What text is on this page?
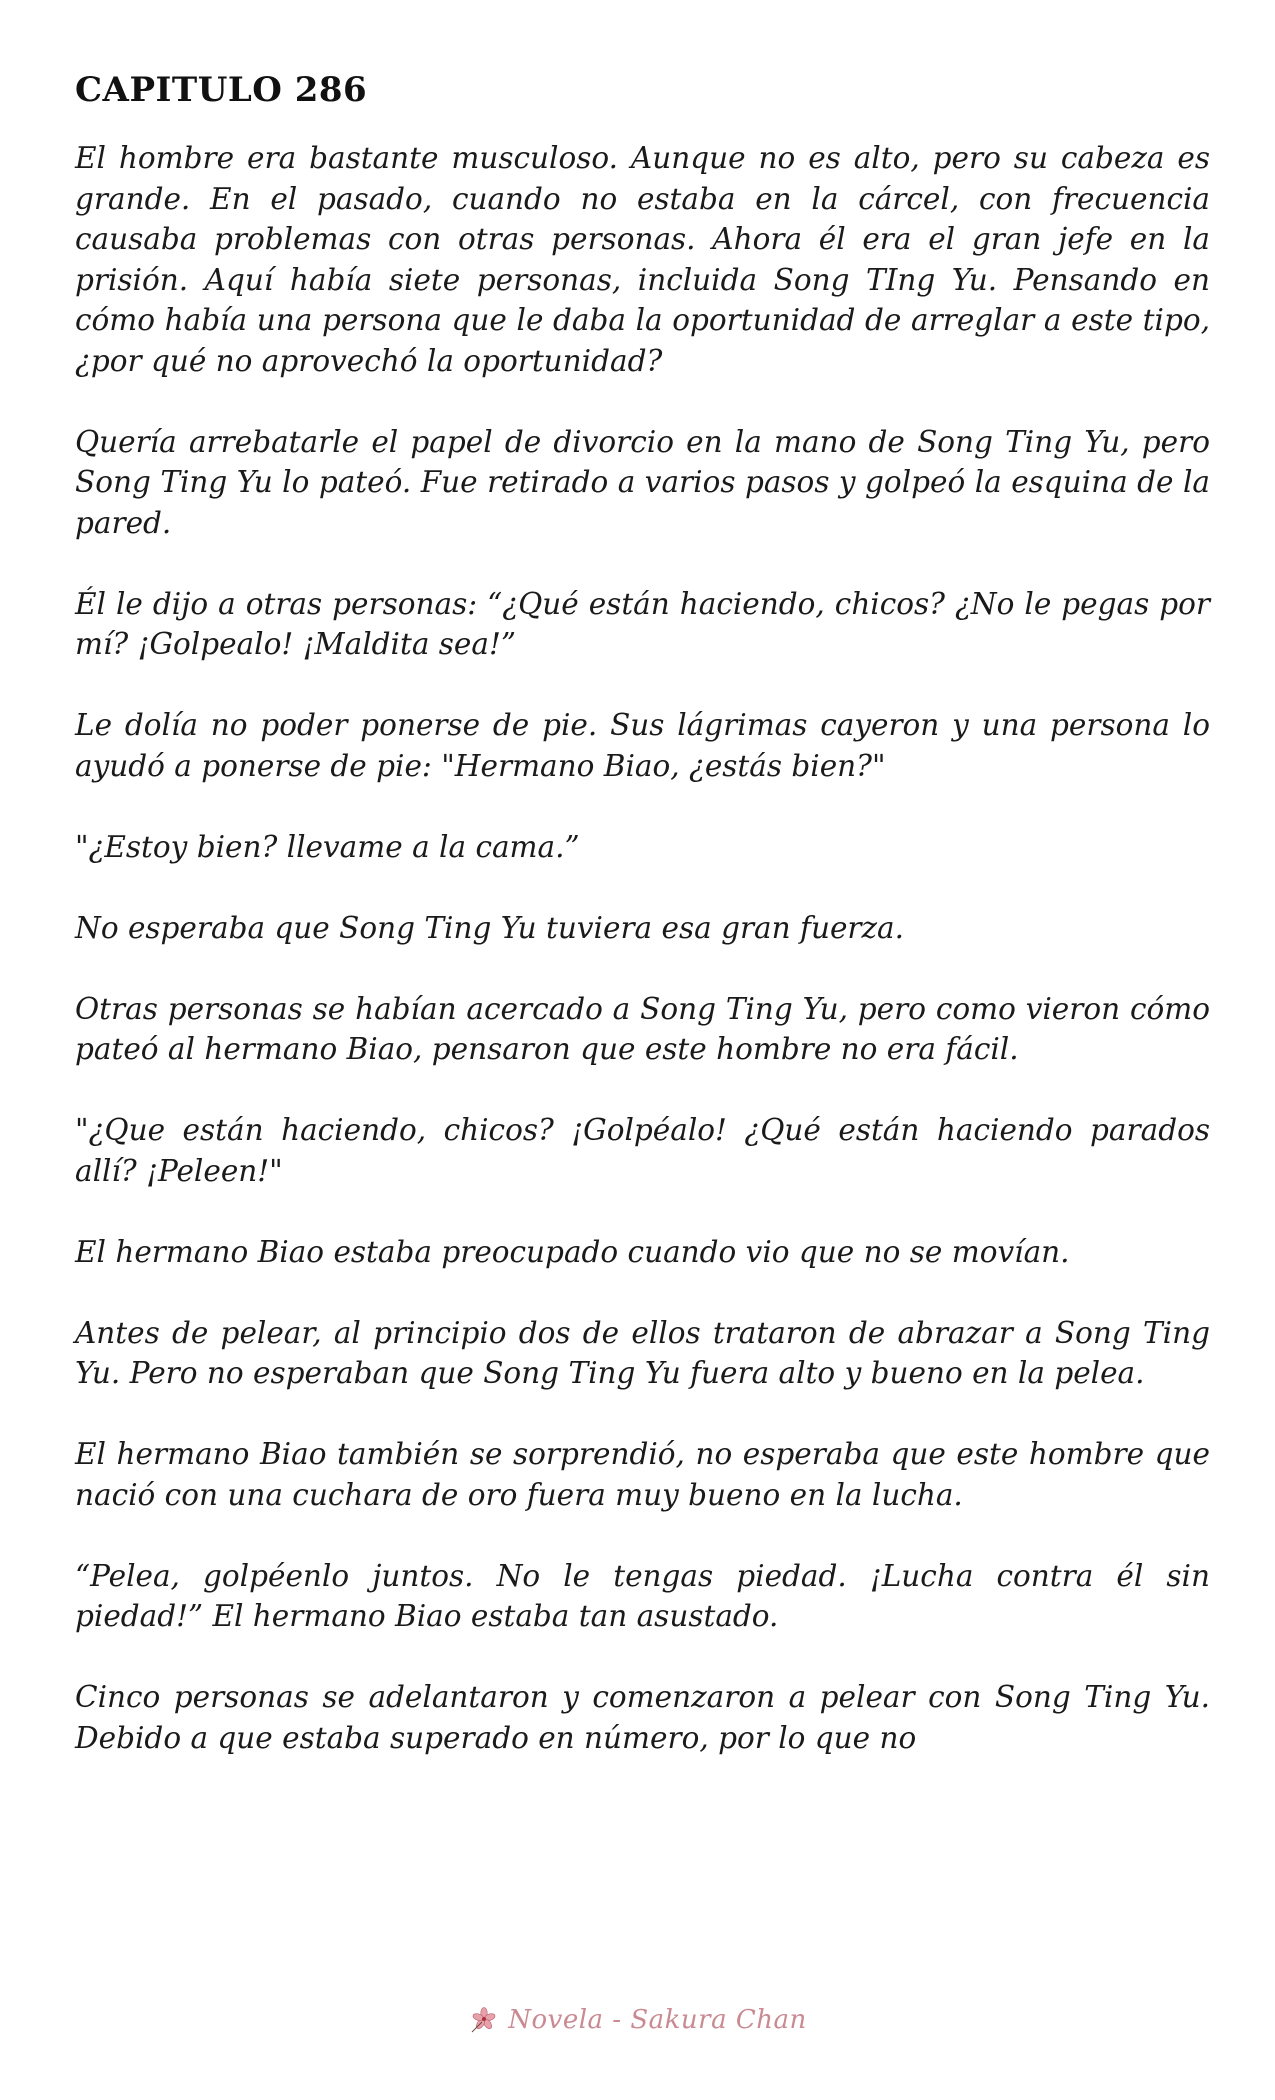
CAPITULO 286

El hombre era bastante musculoso. Aunque no es alto, pero su cabeza es grande. En el pasado, cuando no estaba en la cárcel, con frecuencia causaba problemas con otras personas. Ahora él era el gran jefe en la prisión. Aquí había siete personas, incluida Song TIng Yu. Pensando en cómo había una persona que le daba la oportunidad de arreglar a este tipo, ¿por qué no aprovechó la oportunidad?

Quería arrebatarle el papel de divorcio en la mano de Song Ting Yu, pero Song Ting Yu lo pateó. Fue retirado a varios pasos y golpeó la esquina de la pared.

Él le dijo a otras personas: “¿Qué están haciendo, chicos? ¿No le pegas por mí? ¡Golpealo! ¡Maldita sea!”

Le dolía no poder ponerse de pie. Sus lágrimas cayeron y una persona lo ayudó a ponerse de pie: "Hermano Biao, ¿estás bien?"

"¿Estoy bien? llevame a la cama.”

No esperaba que Song Ting Yu tuviera esa gran fuerza.

Otras personas se habían acercado a Song Ting Yu, pero como vieron cómo pateó al hermano Biao, pensaron que este hombre no era fácil.

"¿Que están haciendo, chicos? ¡Golpéalo! ¿Qué están haciendo parados allí? ¡Peleen!"

El hermano Biao estaba preocupado cuando vio que no se movían.

Antes de pelear, al principio dos de ellos trataron de abrazar a Song Ting Yu. Pero no esperaban que Song Ting Yu fuera alto y bueno en la pelea.

El hermano Biao también se sorprendió, no esperaba que este hombre que nació con una cuchara de oro fuera muy bueno en la lucha.

“Pelea, golpéenlo juntos. No le tengas piedad. ¡Lucha contra él sin piedad!” El hermano Biao estaba tan asustado.

Cinco personas se adelantaron y comenzaron a pelear con Song Ting Yu. Debido a que estaba superado en número, por lo que no

Novela - Sakura Chan
